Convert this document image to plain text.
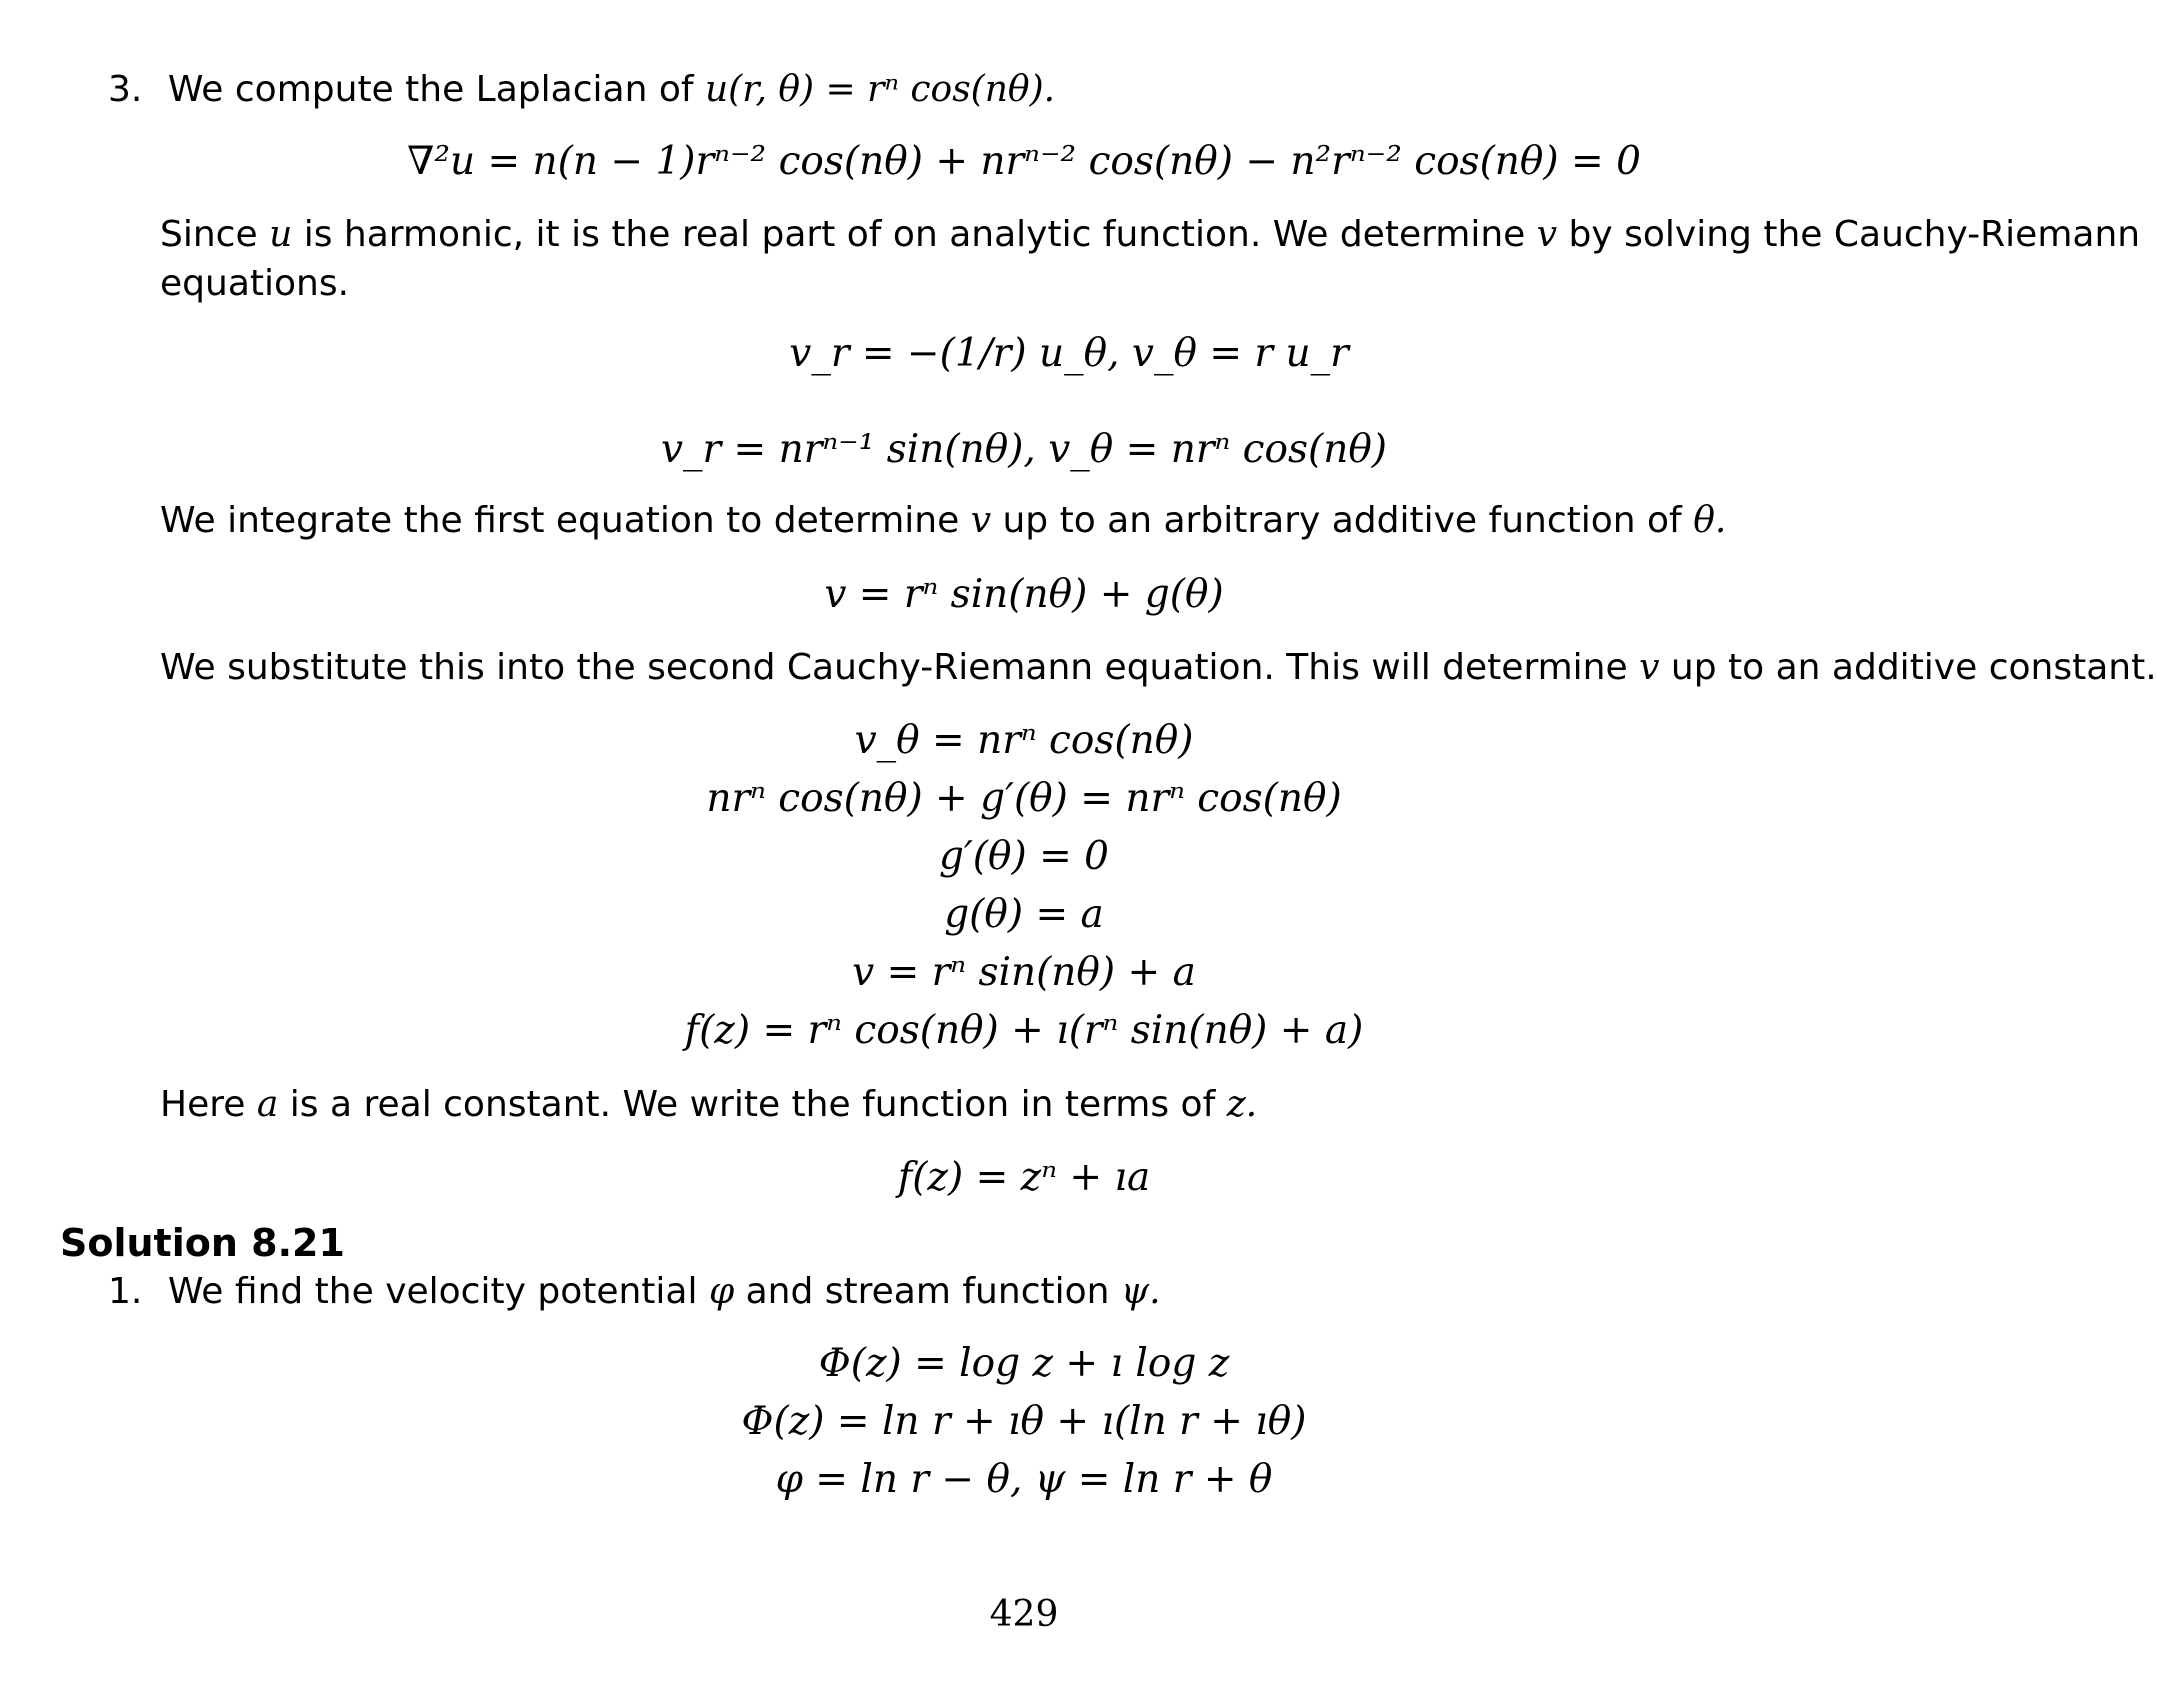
3. We compute the Laplacian of u(r, θ) = rⁿ cos(nθ).
∇²u = n(n − 1)rⁿ⁻² cos(nθ) + nrⁿ⁻² cos(nθ) − n²rⁿ⁻² cos(nθ) = 0
Since u is harmonic, it is the real part of on analytic function. We determine v by solving the Cauchy-Riemann
equations.
v_r = −(1/r) u_θ, v_θ = r u_r
v_r = nrⁿ⁻¹ sin(nθ), v_θ = nrⁿ cos(nθ)
We integrate the first equation to determine v up to an arbitrary additive function of θ.
v = rⁿ sin(nθ) + g(θ)
We substitute this into the second Cauchy-Riemann equation. This will determine v up to an additive constant.
v_θ = nrⁿ cos(nθ)
nrⁿ cos(nθ) + g′(θ) = nrⁿ cos(nθ)
g′(θ) = 0
g(θ) = a
v = rⁿ sin(nθ) + a
f(z) = rⁿ cos(nθ) + ı(rⁿ sin(nθ) + a)
Here a is a real constant. We write the function in terms of z.
f(z) = zⁿ + ıa
Solution 8.21
1. We find the velocity potential φ and stream function ψ.
Φ(z) = log z + ı log z
Φ(z) = ln r + ıθ + ı(ln r + ıθ)
φ = ln r − θ, ψ = ln r + θ
429
